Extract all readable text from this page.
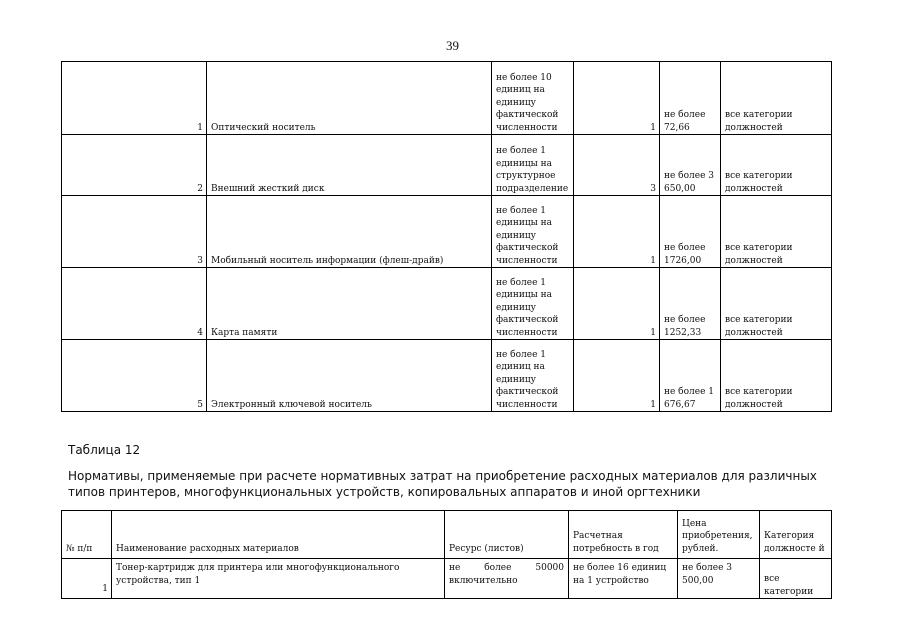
39
1	Оптический носитель	не более 10 единиц на единицу фактической численности	1	не более 72,66	все категории должностей
2	Внешний жесткий диск	не более 1 единицы на структурное подразделение	3	не более 3 650,00	все категории должностей
3	Мобильный носитель информации (флеш-драйв)	не более 1 единицы на единицу фактической численности	1	не более 1726,00	все категории должностей
4	Карта памяти	не более 1 единицы на единицу фактической численности	1	не более 1252,33	все категории должностей
5	Электронный ключевой носитель	не более 1 единиц на единицу фактической численности	1	не более 1 676,67	все категории должностей
Таблица 12
Нормативы, применяемые при расчете нормативных затрат на приобретение расходных материалов для различных типов принтеров, многофункциональных устройств, копировальных аппаратов и иной оргтехники
№ п/п	Наименование расходных материалов	Ресурс (листов)	Расчетная потребность в год	Цена приобретения, рублей.	Категория должносте й
1	Тонер-картридж для принтера или многофункционального устройства, тип 1	не более 50000 включительно	не более 16 единиц на 1 устройство	не более 3 500,00	все категории
